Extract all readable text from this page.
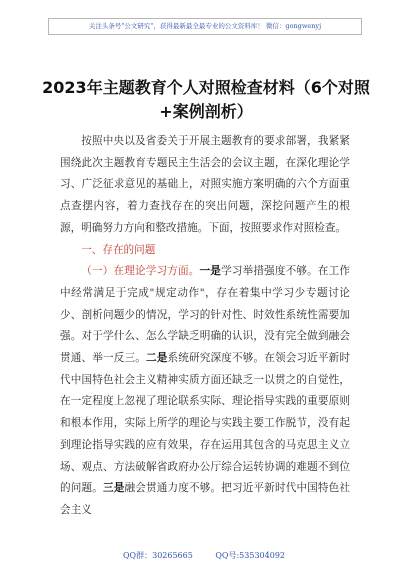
关注头条号"公文研究"，获得最新最全最专业的公文资料库！ 微信：gongwenyj
2023年主题教育个人对照检查材料（6个对照+案例剖析）

按照中央以及省委关于开展主题教育的要求部署，我紧紧围绕此次主题教育专题民主生活会的会议主题，在深化理论学习、广泛征求意见的基础上，对照实施方案明确的六个方面重点查摆内容，着力查找存在的突出问题，深挖问题产生的根源，明确努力方向和整改措施。下面，按照要求作对照检查。

一、存在的问题

（一）在理论学习方面。一是学习举措强度不够。在工作中经常满足于完成"规定动作"，存在着集中学习少专题讨论少、剖析问题少的情况，学习的针对性、时效性系统性需要加强。对于学什么、怎么学缺乏明确的认识，没有完全做到融会贯通、举一反三。二是系统研究深度不够。在领会习近平新时代中国特色社会主义精神实质方面还缺乏一以贯之的自觉性，在一定程度上忽视了理论联系实际、理论指导实践的重要原则和根本作用，实际上所学的理论与实践主要工作脱节，没有起到理论指导实践的应有效果，存在运用其包含的马克思主义立场、观点、方法破解省政府办公厅综合运转协调的难题不到位的问题。三是融会贯通力度不够。把习近平新时代中国特色社会主义

QQ群：30265665	QQ号:535304092
